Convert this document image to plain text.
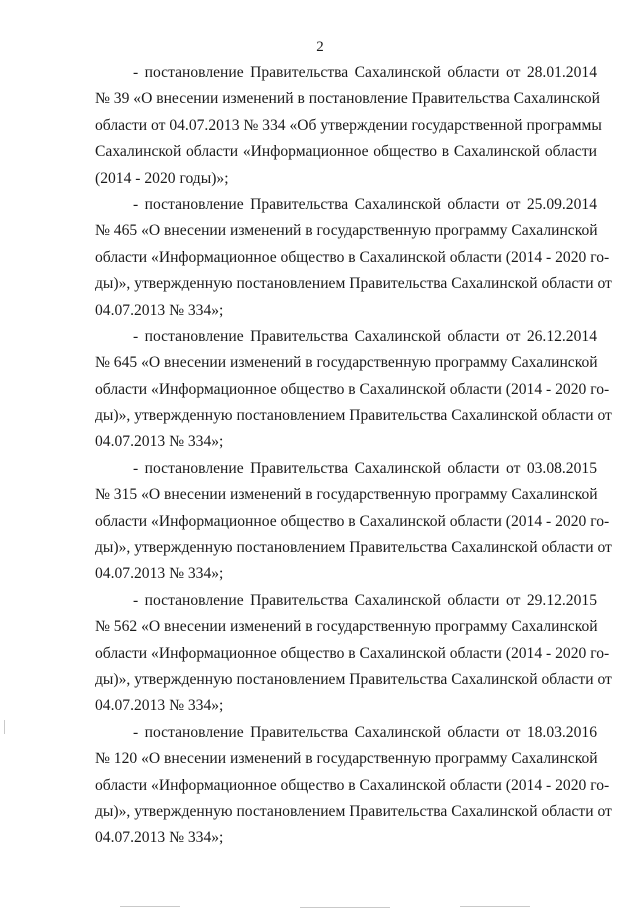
2
- постановление Правительства Сахалинской области от 28.01.2014
№ 39 «О внесении изменений в постановление Правительства Сахалинской
области от 04.07.2013 № 334 «Об утверждении государственной программы
Сахалинской области «Информационное общество в Сахалинской области
(2014 - 2020 годы)»;
- постановление Правительства Сахалинской области от 25.09.2014
№ 465 «О внесении изменений в государственную программу Сахалинской
области «Информационное общество в Сахалинской области (2014 - 2020 го-
ды)», утвержденную постановлением Правительства Сахалинской области от
04.07.2013 № 334»;
- постановление Правительства Сахалинской области от 26.12.2014
№ 645 «О внесении изменений в государственную программу Сахалинской
области «Информационное общество в Сахалинской области (2014 - 2020 го-
ды)», утвержденную постановлением Правительства Сахалинской области от
04.07.2013 № 334»;
- постановление Правительства Сахалинской области от 03.08.2015
№ 315 «О внесении изменений в государственную программу Сахалинской
области «Информационное общество в Сахалинской области (2014 - 2020 го-
ды)», утвержденную постановлением Правительства Сахалинской области от
04.07.2013 № 334»;
- постановление Правительства Сахалинской области от 29.12.2015
№ 562 «О внесении изменений в государственную программу Сахалинской
области «Информационное общество в Сахалинской области (2014 - 2020 го-
ды)», утвержденную постановлением Правительства Сахалинской области от
04.07.2013 № 334»;
- постановление Правительства Сахалинской области от 18.03.2016
№ 120 «О внесении изменений в государственную программу Сахалинской
области «Информационное общество в Сахалинской области (2014 - 2020 го-
ды)», утвержденную постановлением Правительства Сахалинской области от
04.07.2013 № 334»;
